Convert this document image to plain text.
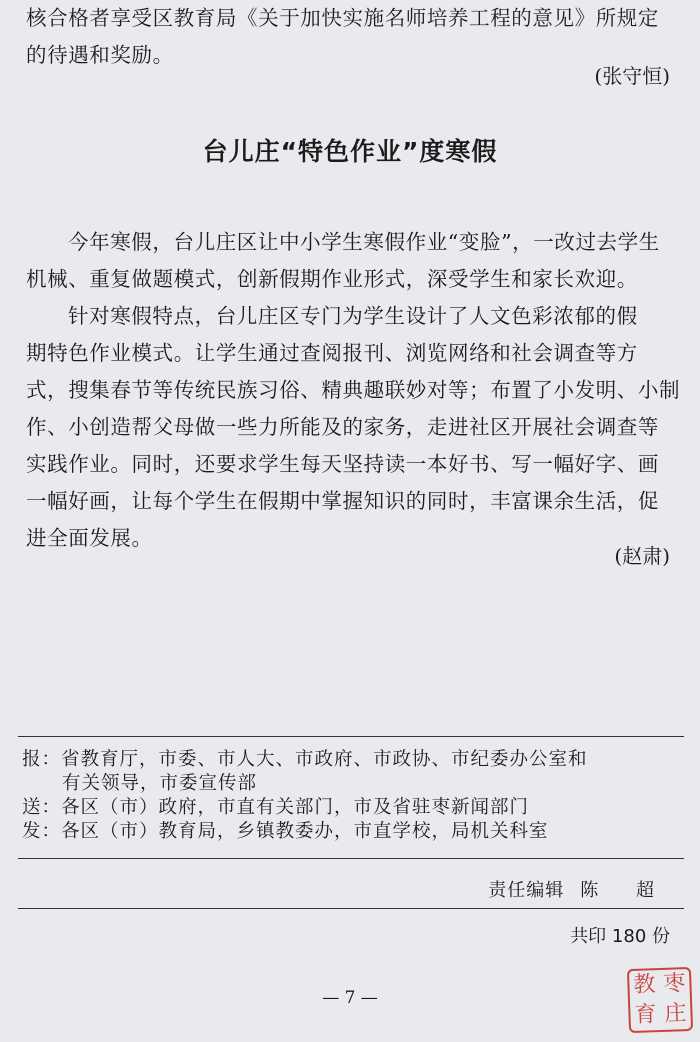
核合格者享受区教育局《关于加快实施名师培养工程的意见》所规定
的待遇和奖励。
(张守恒)
台儿庄“特色作业”度寒假
今年寒假，台儿庄区让中小学生寒假作业“变脸”，一改过去学生
机械、重复做题模式，创新假期作业形式，深受学生和家长欢迎。
针对寒假特点，台儿庄区专门为学生设计了人文色彩浓郁的假
期特色作业模式。让学生通过查阅报刊、浏览网络和社会调查等方
式，搜集春节等传统民族习俗、精典趣联妙对等；布置了小发明、小制
作、小创造帮父母做一些力所能及的家务，走进社区开展社会调查等
实践作业。同时，还要求学生每天坚持读一本好书、写一幅好字、画
一幅好画，让每个学生在假期中掌握知识的同时，丰富课余生活，促
进全面发展。
(赵肃)
报：省教育厅，市委、市人大、市政府、市政协、市纪委办公室和
有关领导，市委宣传部
送：各区（市）政府，市直有关部门，市及省驻枣新闻部门
发：各区（市）教育局，乡镇教委办，市直学校，局机关科室
责任编辑 陈 超
共印 180 份
— 7 —
教 枣
育 庄
